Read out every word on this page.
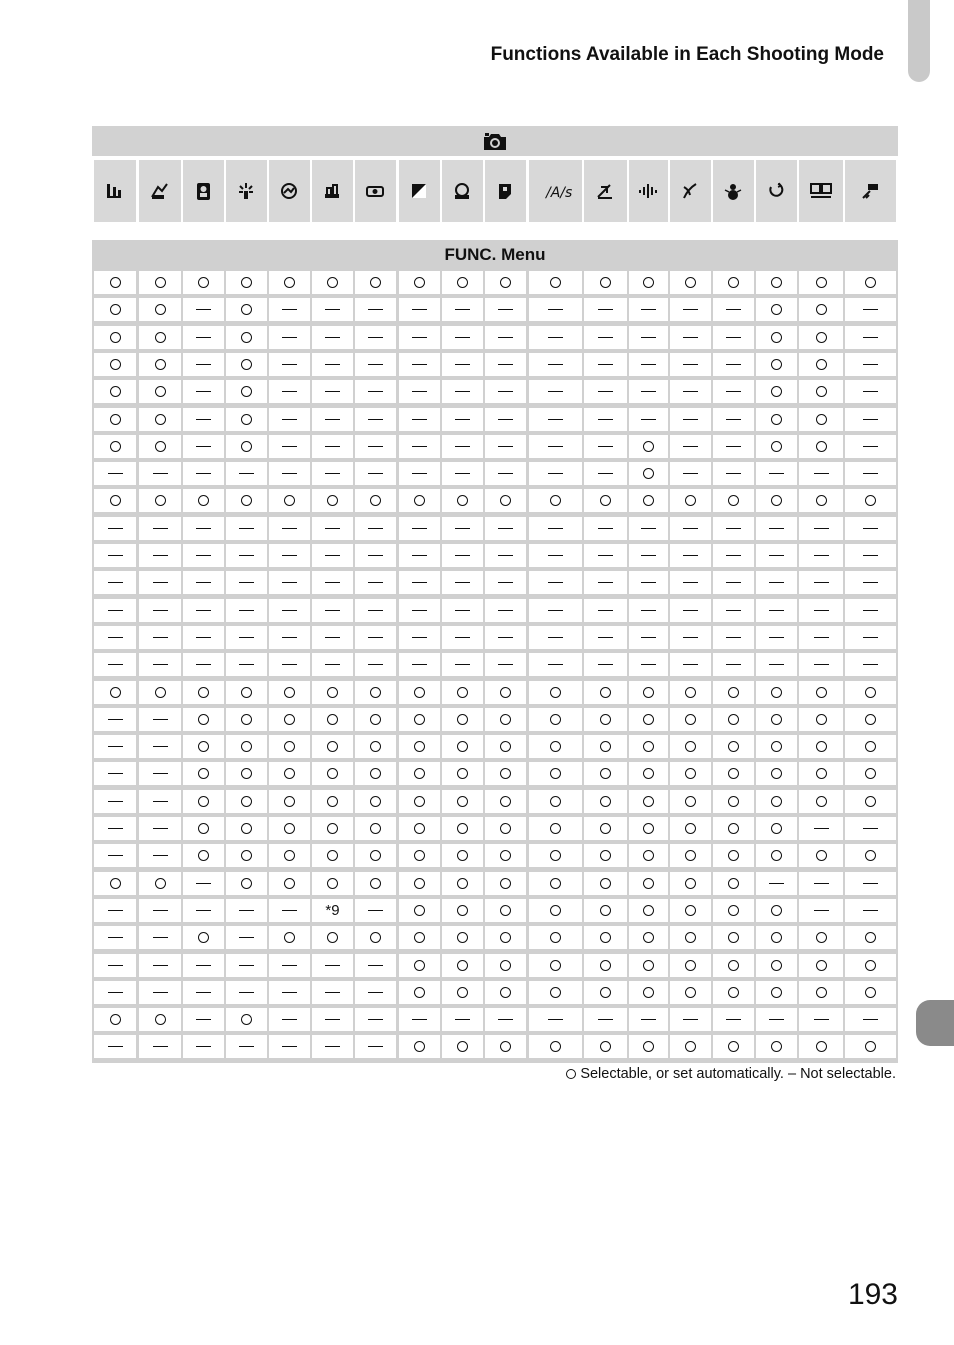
Functions Available in Each Shooting Mode
/A/s
FUNC. Menu
*9
Selectable, or set automatically. – Not selectable.
193
